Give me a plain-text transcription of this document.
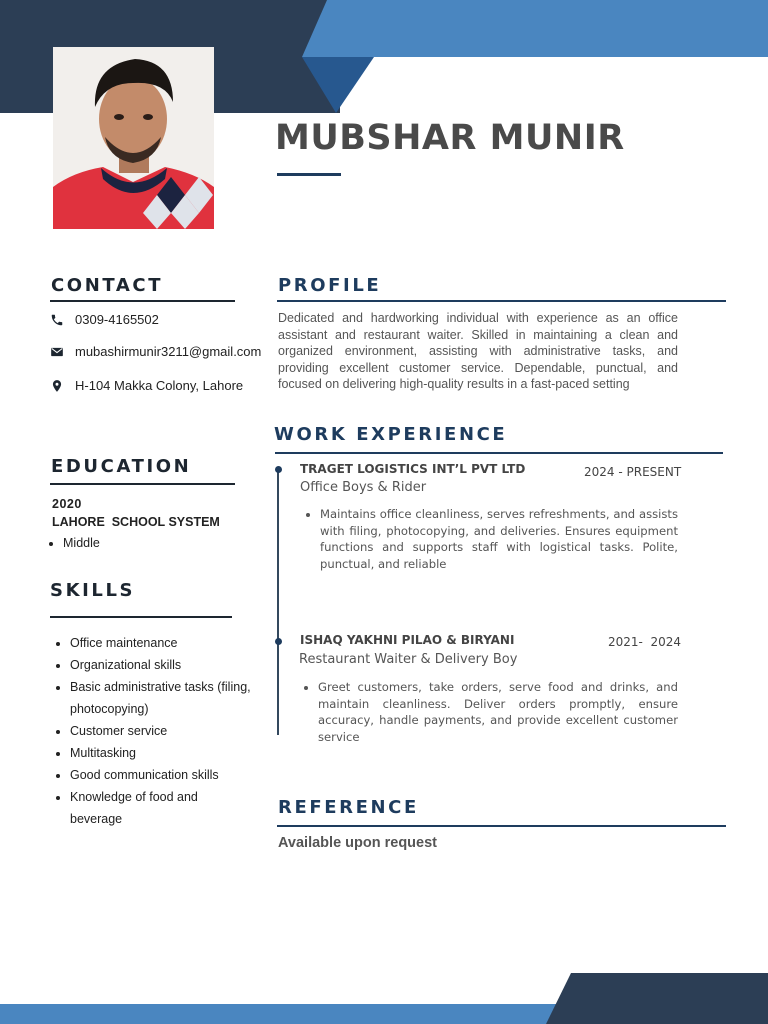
MUBSHAR MUNIR
CONTACT
0309-4165502
mubashirmunir3211@gmail.com
H-104 Makka Colony, Lahore
EDUCATION
2020
LAHORE  SCHOOL SYSTEM
• Middle
SKILLS
• Office maintenance
• Organizational skills
• Basic administrative tasks (filing, photocopying)
• Customer service
• Multitasking
• Good communication skills
• Knowledge of food and beverage
PROFILE
Dedicated and hardworking individual with experience as an office assistant and restaurant waiter. Skilled in maintaining a clean and organized environment, assisting with administrative tasks, and providing excellent customer service. Dependable, punctual, and focused on delivering high-quality results in a fast-paced setting
WORK EXPERIENCE
TRAGET LOGISTICS INT’L PVT LTD	2024 - PRESENT
Office Boys & Rider
• Maintains office cleanliness, serves refreshments, and assists with filing, photocopying, and deliveries. Ensures equipment functions and supports staff with logistical tasks. Polite, punctual, and reliable
ISHAQ YAKHNI PILAO & BIRYANI	2021-  2024
Restaurant Waiter & Delivery Boy
• Greet customers, take orders, serve food and drinks, and maintain cleanliness. Deliver orders promptly, ensure accuracy, handle payments, and provide excellent customer service
REFERENCE
Available upon request
